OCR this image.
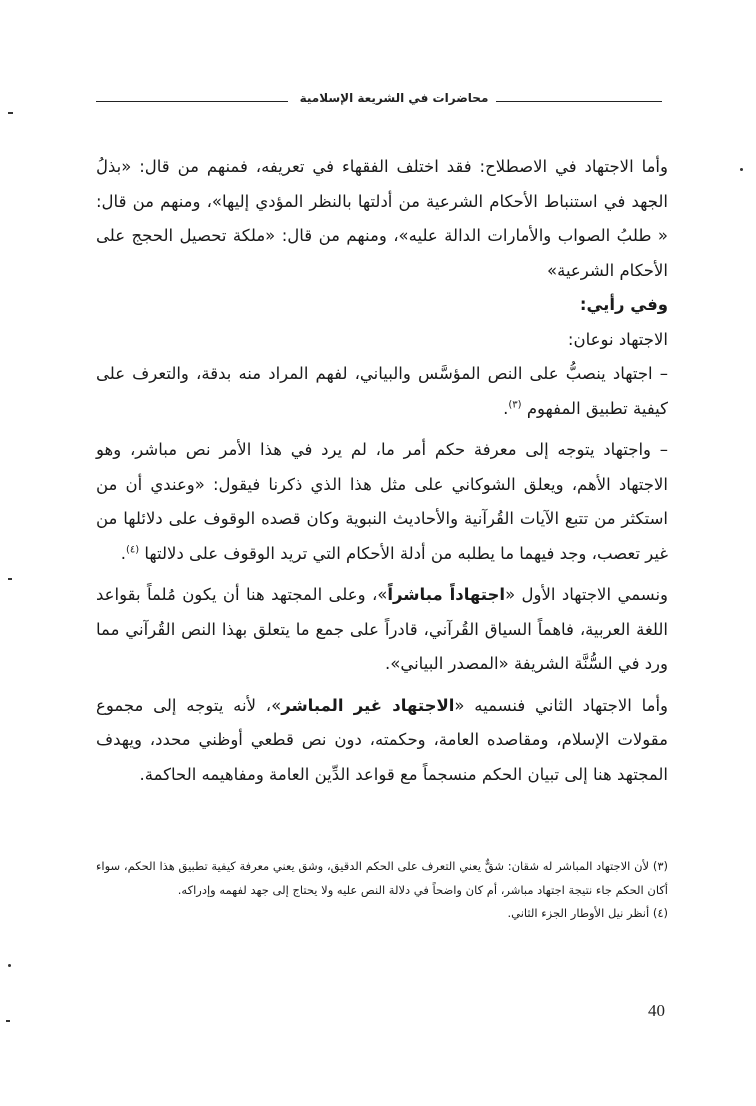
محاضرات في الشريعة الإسلامية

وأما الاجتهاد في الاصطلاح: فقد اختلف الفقهاء في تعريفه، فمنهم من قال: «بذلُ الجهد في استنباط الأحكام الشرعية من أدلتها بالنظر المؤدي إليها»، ومنهم من قال: « طلبُ الصواب والأمارات الدالة عليه»، ومنهم من قال: «ملكة تحصيل الحجج على الأحكام الشرعية»

وفي رأيي:

الاجتهاد نوعان:

– اجتهاد ينصبُّ على النص المؤسَّس والبياني، لفهم المراد منه بدقة، والتعرف على كيفية تطبيق المفهوم $^{(٣)}$.

– واجتهاد يتوجه إلى معرفة حكم أمر ما، لم يرد في هذا الأمر نص مباشر، وهو الاجتهاد الأهم، ويعلق الشوكاني على مثل هذا الذي ذكرنا فيقول: «وعندي أن من استكثر من تتبع الآيات القُرآنية والأحاديث النبوية وكان قصده الوقوف على دلائلها من غير تعصب، وجد فيهما ما يطلبه من أدلة الأحكام التي تريد الوقوف على دلالتها $^{(٤)}$.

ونسمي الاجتهاد الأول «اجتهاداً مباشراً»، وعلى المجتهد هنا أن يكون مُلماً بقواعد اللغة العربية، فاهماً السياق القُرآني، قادراً على جمع ما يتعلق بهذا النص القُرآني مما ورد في السُّنَّة الشريفة «المصدر البياني».

وأما الاجتهاد الثاني فنسميه «الاجتهاد غير المباشر»، لأنه يتوجه إلى مجموع مقولات الإسلام، ومقاصده العامة، وحكمته، دون نص قطعي أوظني محدد، ويهدف المجتهد هنا إلى تبيان الحكم منسجماً مع قواعد الدِّين العامة ومفاهيمه الحاكمة.

(٣) لأن الاجتهاد المباشر له شقان: شقٌّ يعني التعرف على الحكم الدقيق، وشق يعني معرفة كيفية تطبيق هذا الحكم، سواء أكان الحكم جاء نتيجة اجتهاد مباشر، أم كان واضحاً في دلالة النص عليه ولا يحتاج إلى جهد لفهمه وإدراكه.

(٤) أنظر نيل الأوطار الجزء الثاني.

40
